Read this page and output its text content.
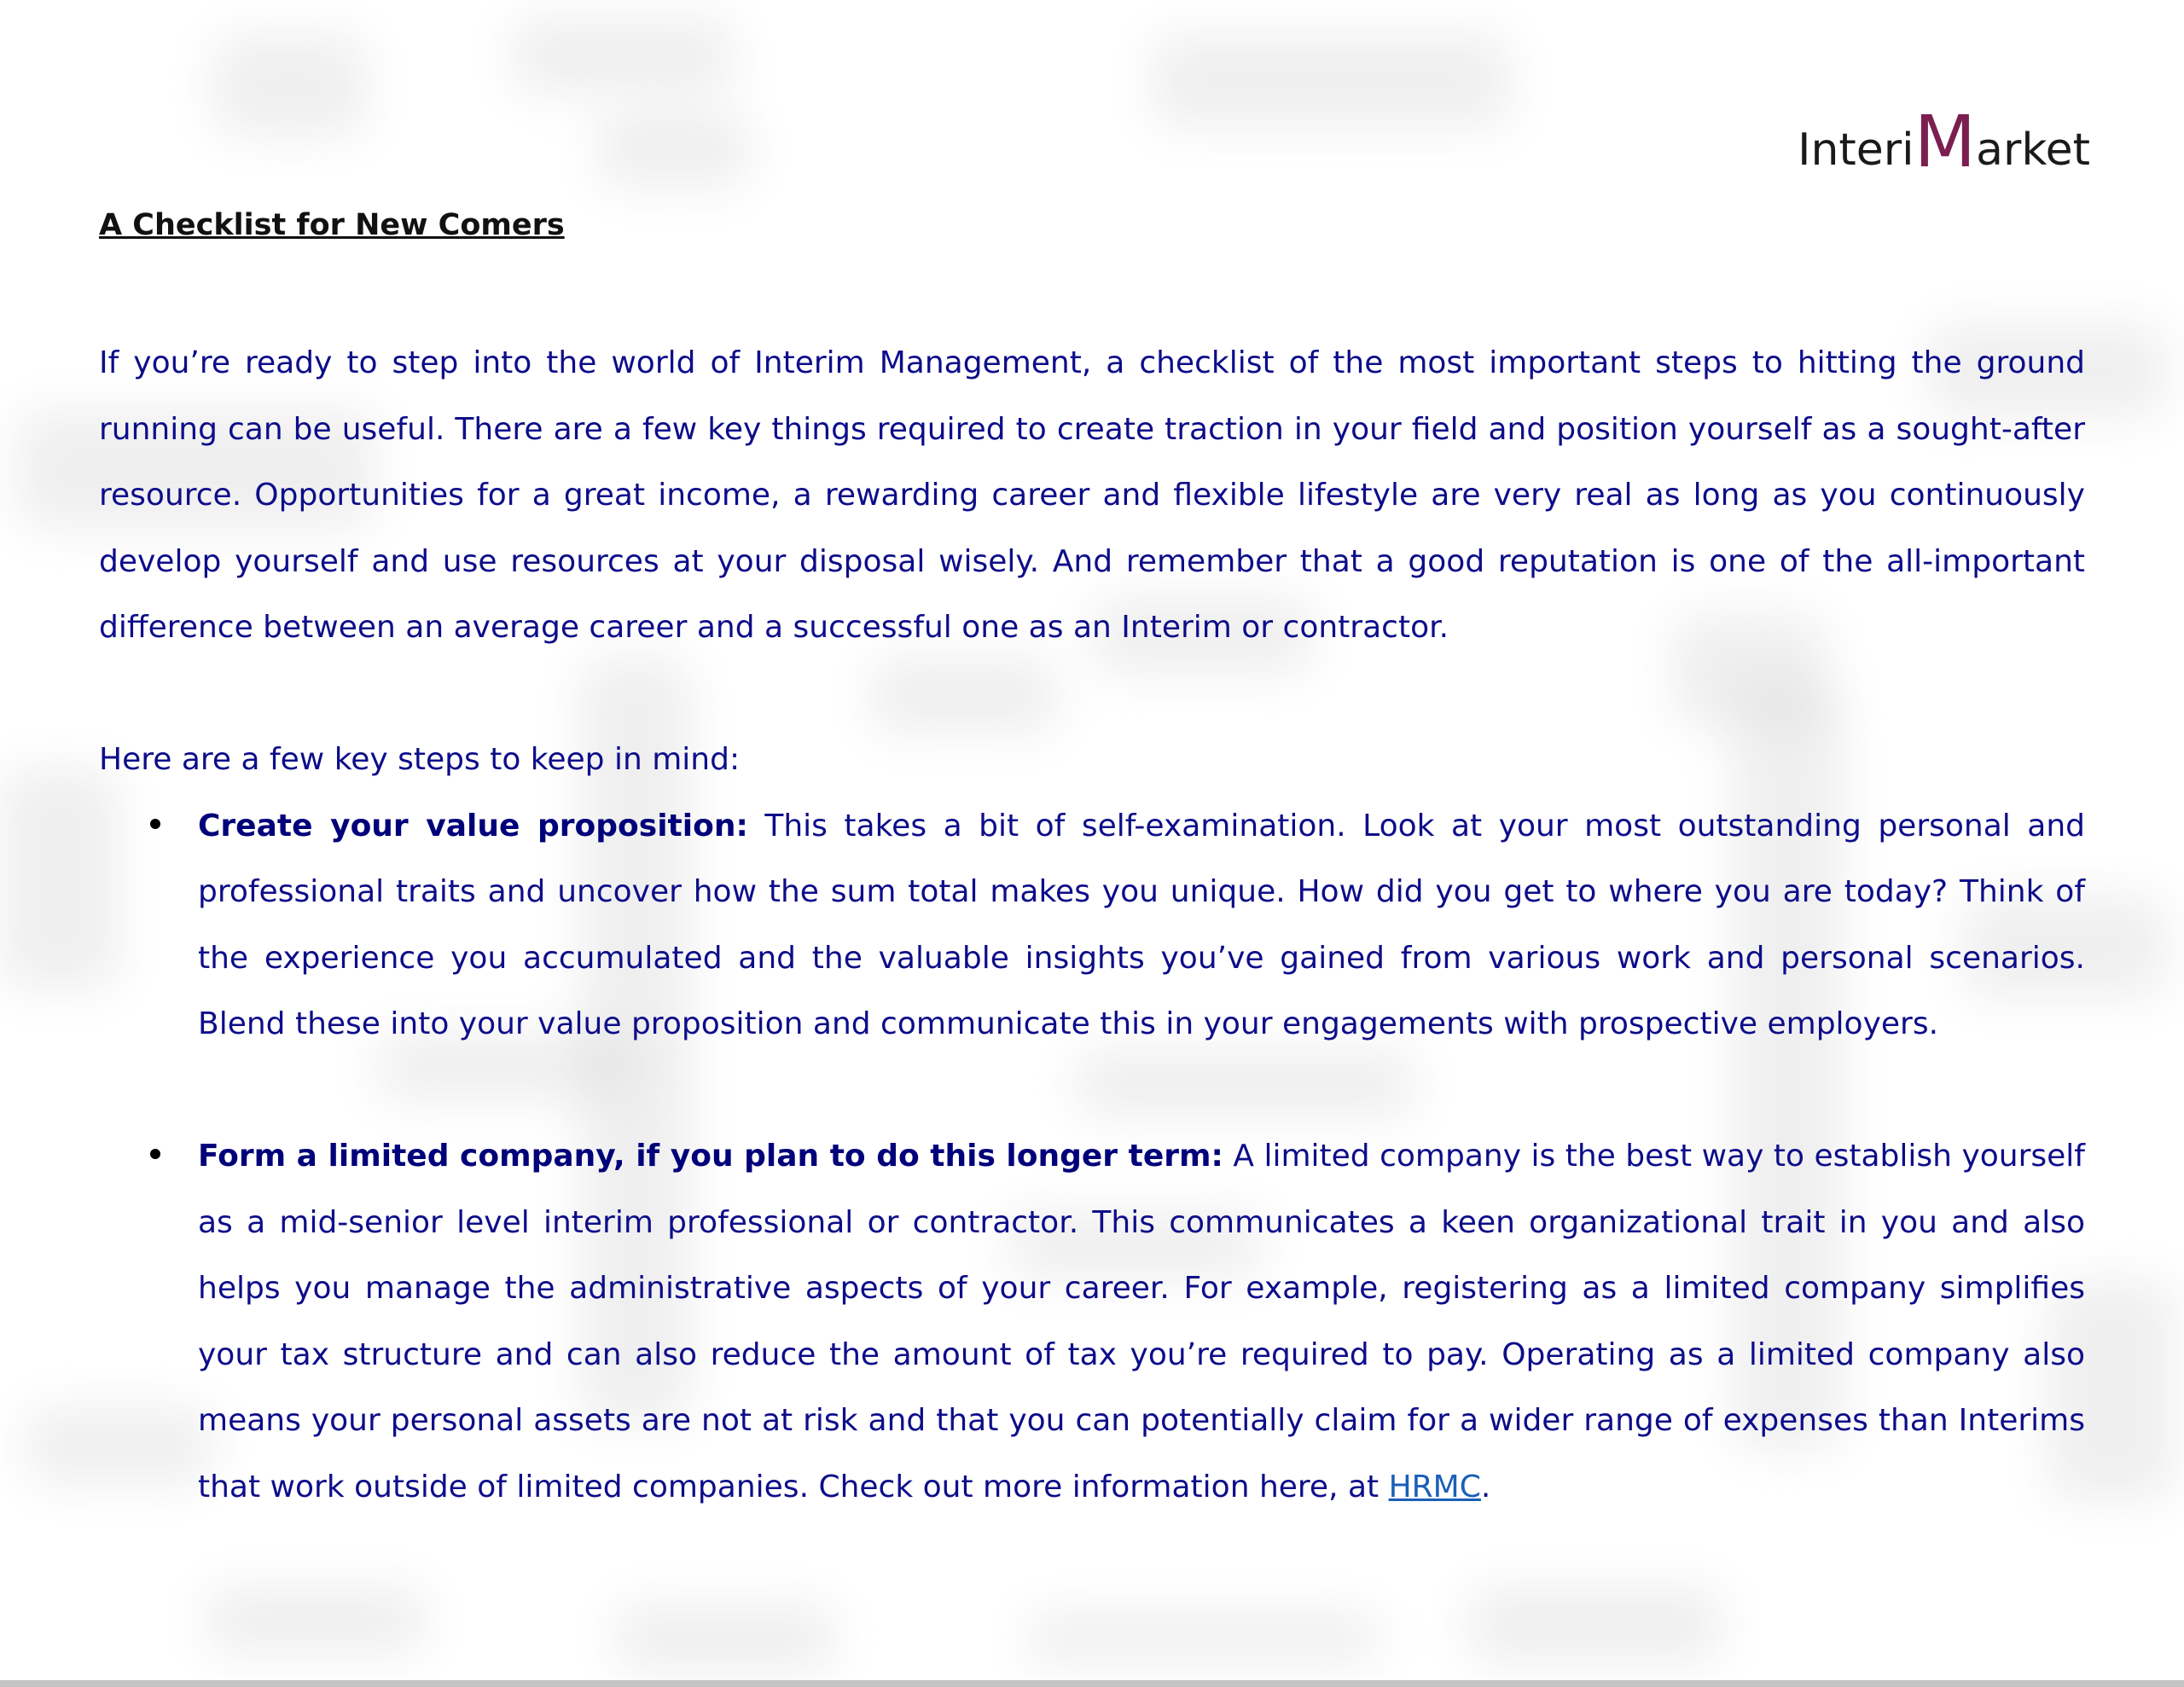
Interi M arket
A Checklist for New Comers

If you’re ready to step into the world of Interim Management, a checklist of the most important steps to hitting the ground running can be useful. There are a few key things required to create traction in your field and position yourself as a sought-after resource. Opportunities for a great income, a rewarding career and flexible lifestyle are very real as long as you continuously develop yourself and use resources at your disposal wisely. And remember that a good reputation is one of the all-important difference between an average career and a successful one as an Interim or contractor.

Here are a few key steps to keep in mind:

Create your value proposition: This takes a bit of self-examination. Look at your most outstanding personal and professional traits and uncover how the sum total makes you unique. How did you get to where you are today? Think of the experience you accumulated and the valuable insights you’ve gained from various work and personal scenarios. Blend these into your value proposition and communicate this in your engagements with prospective employers.
Form a limited company, if you plan to do this longer term: A limited company is the best way to establish yourself as a mid-senior level interim professional or contractor. This communicates a keen organizational trait in you and also helps you manage the administrative aspects of your career. For example, registering as a limited company simplifies your tax structure and can also reduce the amount of tax you’re required to pay. Operating as a limited company also means your personal assets are not at risk and that you can potentially claim for a wider range of expenses than Interims that work outside of limited companies. Check out more information here, at HRMC.
